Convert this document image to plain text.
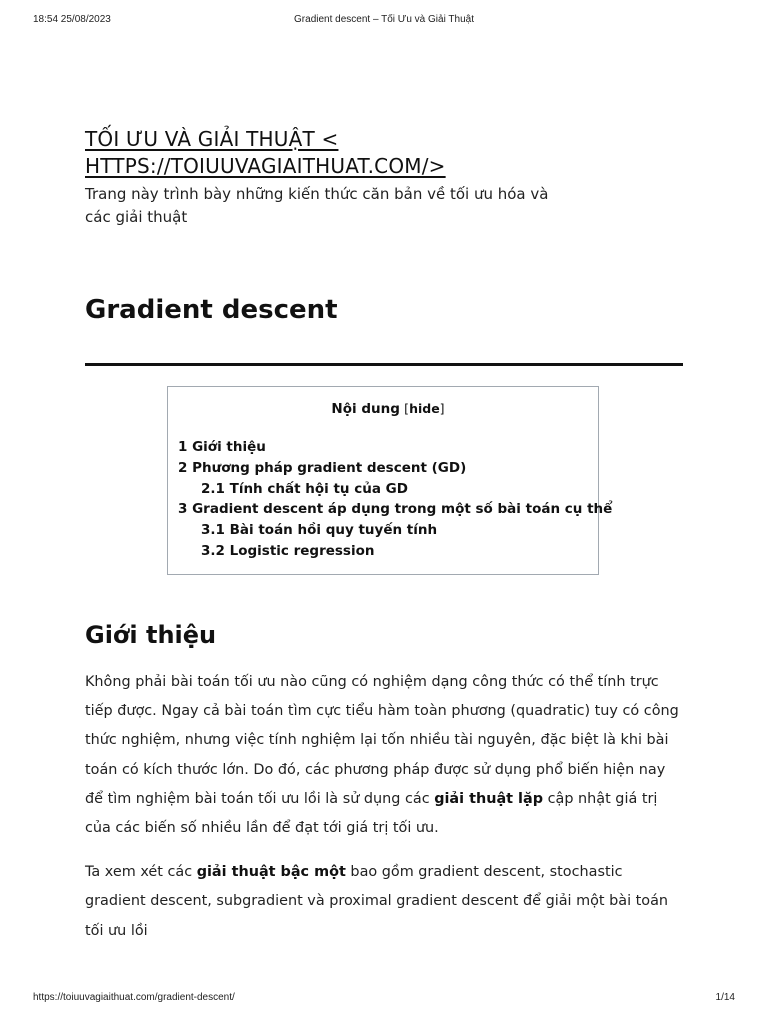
18:54 25/08/2023	Gradient descent – Tối Ưu và Giải Thuật
TỐI ƯU VÀ GIẢI THUẬT <
HTTPS://TOIUUVAGIAITHUAT.COM/>
Trang này trình bày những kiến thức căn bản về tối ưu hóa và các giải thuật
Gradient descent
Nội dung [hide]
1 Giới thiệu
2 Phương pháp gradient descent (GD)
2.1 Tính chất hội tụ của GD
3 Gradient descent áp dụng trong một số bài toán cụ thể
3.1 Bài toán hồi quy tuyến tính
3.2 Logistic regression
Giới thiệu

Không phải bài toán tối ưu nào cũng có nghiệm dạng công thức có thể tính trực tiếp được. Ngay cả bài toán tìm cực tiểu hàm toàn phương (quadratic) tuy có công thức nghiệm, nhưng việc tính nghiệm lại tốn nhiều tài nguyên, đặc biệt là khi bài toán có kích thước lớn. Do đó, các phương pháp được sử dụng phổ biến hiện nay để tìm nghiệm bài toán tối ưu lồi là sử dụng các giải thuật lặp cập nhật giá trị của các biến số nhiều lần để đạt tới giá trị tối ưu.

Ta xem xét các giải thuật bậc một bao gồm gradient descent, stochastic gradient descent, subgradient và proximal gradient descent để giải một bài toán tối ưu lồi

https://toiuuvagiaithuat.com/gradient-descent/	1/14
